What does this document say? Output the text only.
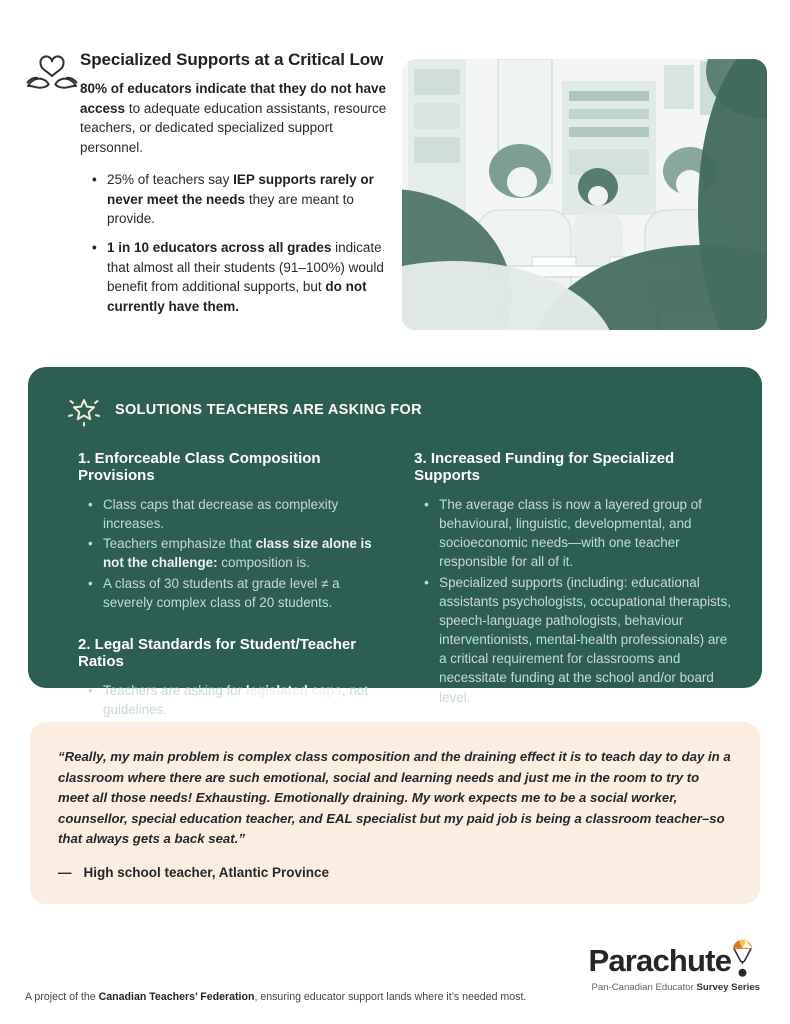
Specialized Supports at a Critical Low

80% of educators indicate that they do not have access to adequate education assistants, resource teachers, or dedicated specialized support personnel.

• 25% of teachers say IEP supports rarely or never meet the needs they are meant to provide.
• 1 in 10 educators across all grades indicate that almost all their students (91–100%) would benefit from additional supports, but do not currently have them.
SOLUTIONS TEACHERS ARE ASKING FOR
1. Enforceable Class Composition Provisions
• Class caps that decrease as complexity increases.
• Teachers emphasize that class size alone is not the challenge: composition is.
• A class of 30 students at grade level ≠ a severely complex class of 20 students.
2. Legal Standards for Student/Teacher Ratios
• Teachers are asking for legislated caps, not guidelines.
•
3. Increased Funding for Specialized Supports
• The average class is now a layered group of behavioural, linguistic, developmental, and socioeconomic needs—with one teacher responsible for all of it.
• Specialized supports (including: educational assistants psychologists, occupational therapists, speech-language pathologists, behaviour interventionists, mental-health professionals) are a critical requirement for classrooms and necessitate funding at the school and/or board level.

“Really, my main problem is complex class composition and the draining effect it is to teach day to day in a classroom where there are such emotional, social and learning needs and just me in the room to try to meet all those needs! Exhausting. Emotionally draining. My work expects me to be a social worker, counsellor, special education teacher, and EAL specialist but my paid job is being a classroom teacher–so that always gets a back seat.”

— High school teacher, Atlantic Province

A project of the Canadian Teachers’ Federation, ensuring educator support lands where it’s needed most.

Parachute

Pan-Canadian Educator Survey Series
